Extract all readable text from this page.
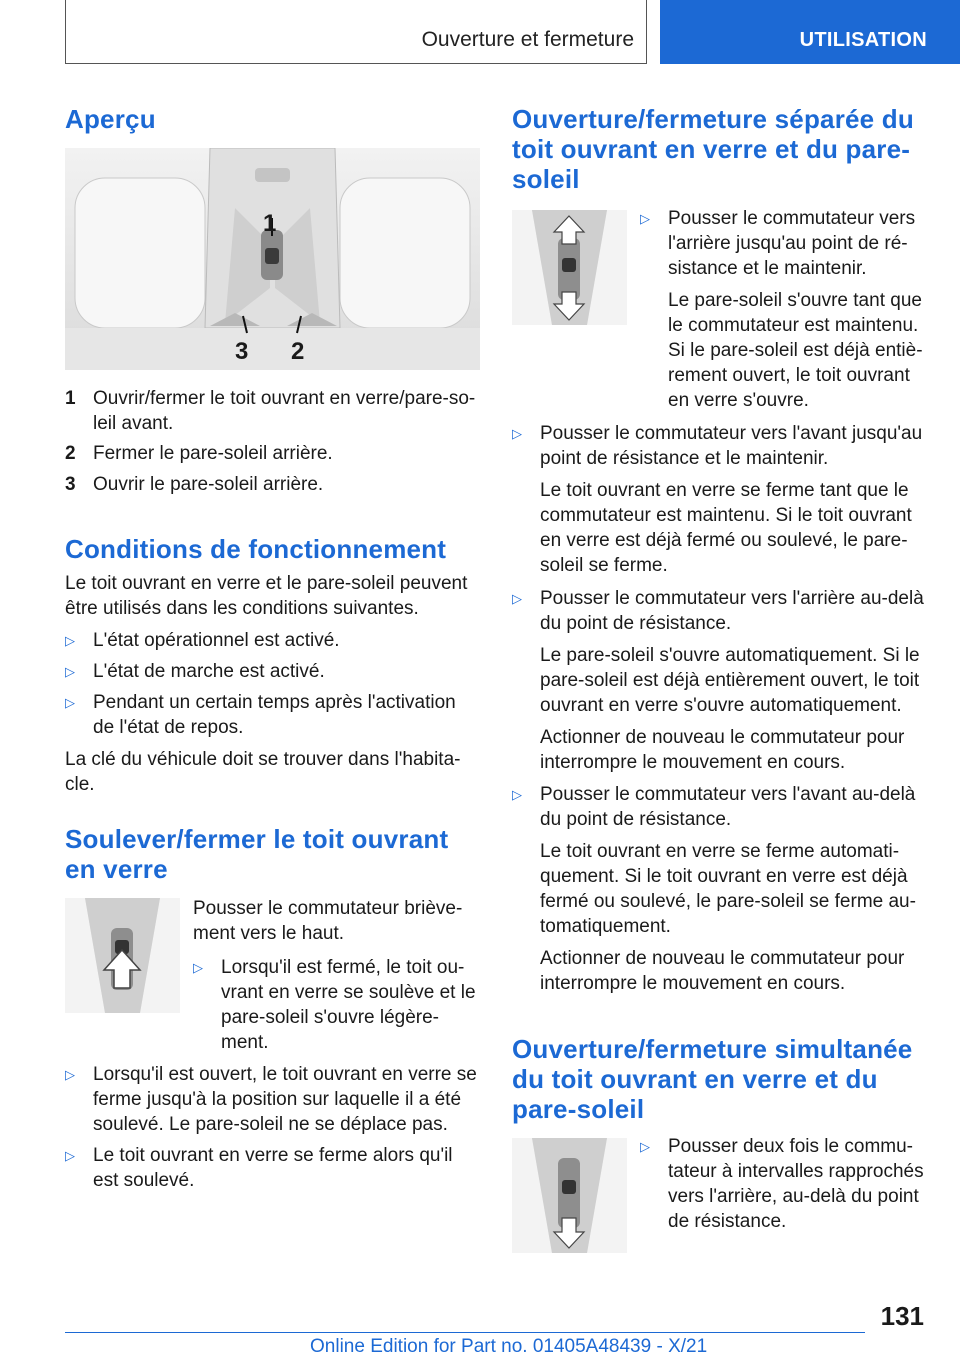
Ouverture et fermeture	UTILISATION
Aperçu
1
3 2
1 Ouvrir/fermer le toit ouvrant en verre/pare-so-
leil avant.
2 Fermer le pare-soleil arrière.
3 Ouvrir le pare-soleil arrière.
Conditions de fonctionnement

Le toit ouvrant en verre et le pare-soleil peuvent

être utilisés dans les conditions suivantes.

▷ L'état opérationnel est activé.
▷ L'état de marche est activé.
▷ Pendant un certain temps après l'activation
de l'état de repos.

La clé du véhicule doit se trouver dans l'habita-

cle.

Soulever/fermer le toit ouvrant
en verre

Pousser le commutateur briève-

ment vers le haut.

▷ Lorsqu'il est fermé, le toit ou-
vrant en verre se soulève et le
pare-soleil s'ouvre légère-
ment.
▷ Lorsqu'il est ouvert, le toit ouvrant en verre se
ferme jusqu'à la position sur laquelle il a été
soulevé. Le pare-soleil ne se déplace pas.
▷ Le toit ouvrant en verre se ferme alors qu'il
est soulevé.
Ouverture/fermeture séparée du
toit ouvrant en verre et du pare-
soleil
▷ Pousser le commutateur vers
l'arrière jusqu'au point de ré-
sistance et le maintenir.
Le pare-soleil s'ouvre tant que
le commutateur est maintenu.
Si le pare-soleil est déjà entiè-
rement ouvert, le toit ouvrant
en verre s'ouvre.
▷ Pousser le commutateur vers l'avant jusqu'au
point de résistance et le maintenir.
Le toit ouvrant en verre se ferme tant que le
commutateur est maintenu. Si le toit ouvrant
en verre est déjà fermé ou soulevé, le pare-
soleil se ferme.
▷ Pousser le commutateur vers l'arrière au-delà
du point de résistance.
Le pare-soleil s'ouvre automatiquement. Si le
pare-soleil est déjà entièrement ouvert, le toit
ouvrant en verre s'ouvre automatiquement.
Actionner de nouveau le commutateur pour
interrompre le mouvement en cours.
▷ Pousser le commutateur vers l'avant au-delà
du point de résistance.
Le toit ouvrant en verre se ferme automati-
quement. Si le toit ouvrant en verre est déjà
fermé ou soulevé, le pare-soleil se ferme au-
tomatiquement.
Actionner de nouveau le commutateur pour
interrompre le mouvement en cours.
Ouverture/fermeture simultanée
du toit ouvrant en verre et du
pare-soleil
▷ Pousser deux fois le commu-
tateur à intervalles rapprochés
vers l'arrière, au-delà du point
de résistance.
131
Online Edition for Part no. 01405A48439 - X/21
